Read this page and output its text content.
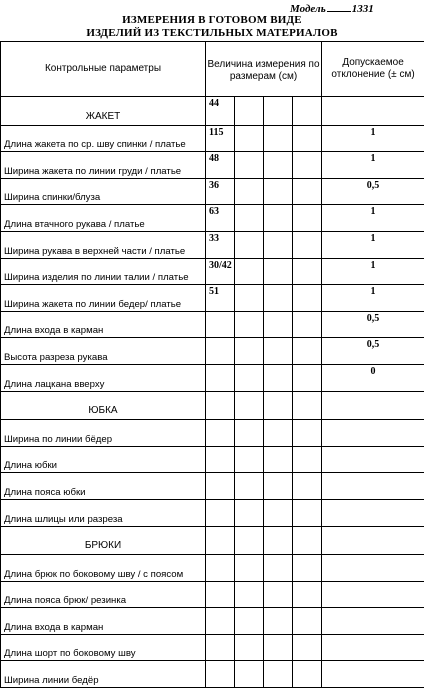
Модель 1331
ИЗМЕРЕНИЯ В ГОТОВОМ ВИДЕ
ИЗДЕЛИЙ ИЗ ТЕКСТИЛЬНЫХ МАТЕРИАЛОВ
Контрольные параметры	Величина измерения по размерам (см)				Допускаемое отклонение (± см)
ЖАКЕТ	44				
Длина жакета по ср. шву спинки / платье	115				1
Ширина жакета по линии груди / платье	48				1
Ширина спинки/блуза	36				0,5
Длина втачного рукава / платье	63				1
Ширина рукава в верхней части / платье	33				1
Ширина изделия по линии талии / платье	30/42				1
Ширина жакета по линии бедер/ платье	51				1
Длина входа в карман					0,5
Высота разреза рукава					0,5
Длина лацкана вверху					0
ЮБКА					
Ширина по линии бёдер					
Длина юбки					
Длина пояса юбки					
Длина шлицы или разреза					
БРЮКИ					
Длина брюк по боковому шву / с поясом					
Длина пояса брюк/ резинка					
Длина входа в карман					
Длина шорт по боковому шву					
Ширина линии бедёр					
